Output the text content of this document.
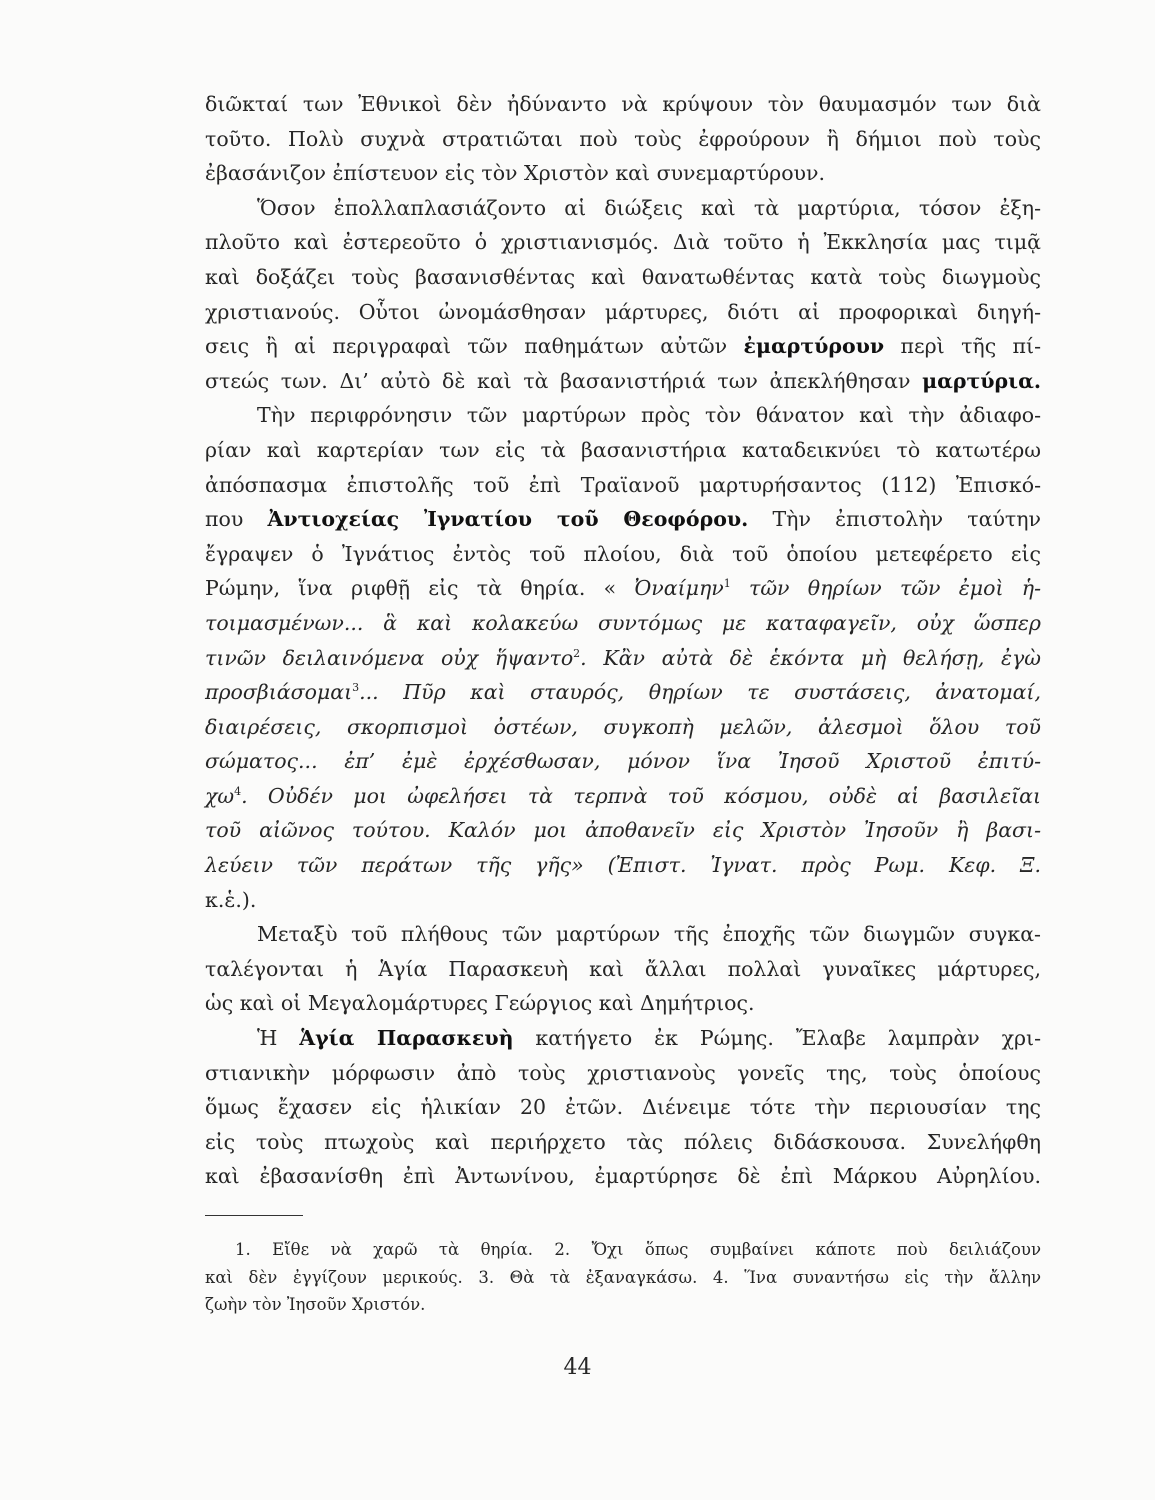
διῶκταί των Ἐθνικοὶ δὲν ἠδύναντο νὰ κρύψουν τὸν θαυμασμόν των διὰ
τοῦτο. Πολὺ συχνὰ στρατιῶται ποὺ τοὺς ἐφρούρουν ἢ δήμιοι ποὺ τοὺς
ἐβασάνιζον ἐπίστευον εἰς τὸν Χριστὸν καὶ συνεμαρτύρουν.
Ὅσον ἐπολλαπλασιάζοντο αἱ διώξεις καὶ τὰ μαρτύρια, τόσον ἐξη-
πλοῦτο καὶ ἐστερεοῦτο ὁ χριστιανισμός. Διὰ τοῦτο ἡ Ἐκκλησία μας τιμᾷ
καὶ δοξάζει τοὺς βασανισθέντας καὶ θανατωθέντας κατὰ τοὺς διωγμοὺς
χριστιανούς. Οὗτοι ὠνομάσθησαν μάρτυρες, διότι αἱ προφορικαὶ διηγή-
σεις ἢ αἱ περιγραφαὶ τῶν παθημάτων αὐτῶν ἐμαρτύρουν περὶ τῆς πί-
στεώς των. Δι’ αὐτὸ δὲ καὶ τὰ βασανιστήριά των ἀπεκλήθησαν μαρτύρια.
Τὴν περιφρόνησιν τῶν μαρτύρων πρὸς τὸν θάνατον καὶ τὴν ἀδιαφο-
ρίαν καὶ καρτερίαν των εἰς τὰ βασανιστήρια καταδεικνύει τὸ κατωτέρω
ἀπόσπασμα ἐπιστολῆς τοῦ ἐπὶ Τραϊανοῦ μαρτυρήσαντος (112) Ἐπισκό-
που Ἀντιοχείας Ἰγνατίου τοῦ Θεοφόρου. Τὴν ἐπιστολὴν ταύτην
ἔγραψεν ὁ Ἰγνάτιος ἐντὸς τοῦ πλοίου, διὰ τοῦ ὁποίου μετεφέρετο εἰς
Ρώμην, ἵνα ριφθῇ εἰς τὰ θηρία. « Ὀναίμην$^1$ τῶν θηρίων τῶν ἐμοὶ ἡ-
τοιμασμένων... ἃ καὶ κολακεύω συντόμως με καταφαγεῖν, οὐχ ὥσπερ
τινῶν δειλαινόμενα οὐχ ἥψαντο$^2$. Κἂν αὐτὰ δὲ ἑκόντα μὴ θελήσῃ, ἐγὼ
προσβιάσομαι$^3$... Πῦρ καὶ σταυρός, θηρίων τε συστάσεις, ἀνατομαί,
διαιρέσεις, σκορπισμοὶ ὀστέων, συγκοπὴ μελῶν, ἀλεσμοὶ ὅλου τοῦ
σώματος... ἐπ’ ἐμὲ ἐρχέσθωσαν, μόνον ἵνα Ἰησοῦ Χριστοῦ ἐπιτύ-
$\chi\omega^4$. Οὐδέν μοι ὠφελήσει τὰ τερπνὰ τοῦ κόσμου, οὐδὲ αἱ βασιλεῖαι
τοῦ αἰῶνος τούτου. Καλόν μοι ἀποθανεῖν εἰς Χριστὸν Ἰησοῦν ἢ βασι-
λεύειν τῶν περάτων τῆς γῆς» (Ἐπιστ. Ἰγνατ. πρὸς Ρωμ. Κεφ. Ξ.
κ.ἑ.).
Μεταξὺ τοῦ πλήθους τῶν μαρτύρων τῆς ἐποχῆς τῶν διωγμῶν συγκα-
ταλέγονται ἡ Ἁγία Παρασκευὴ καὶ ἄλλαι πολλαὶ γυναῖκες μάρτυρες,
ὡς καὶ οἱ Μεγαλομάρτυρες Γεώργιος καὶ Δημήτριος.
Ἡ Ἁγία Παρασκευὴ κατήγετο ἐκ Ρώμης. Ἔλαβε λαμπρὰν χρι-
στιανικὴν μόρφωσιν ἀπὸ τοὺς χριστιανοὺς γονεῖς της, τοὺς ὁποίους
ὅμως ἔχασεν εἰς ἡλικίαν 20 ἐτῶν. Διένειμε τότε τὴν περιουσίαν της
εἰς τοὺς πτωχοὺς καὶ περιήρχετο τὰς πόλεις διδάσκουσα. Συνελήφθη
καὶ ἐβασανίσθη ἐπὶ Ἀντωνίνου, ἐμαρτύρησε δὲ ἐπὶ Μάρκου Αὐρηλίου.
1. Εἴθε νὰ χαρῶ τὰ θηρία. 2. Ὄχι ὅπως συμβαίνει κάποτε ποὺ δειλιάζουν
καὶ δὲν ἐγγίζουν μερικούς. 3. Θὰ τὰ ἐξαναγκάσω. 4. Ἵνα συναντήσω εἰς τὴν ἄλλην
ζωὴν τὸν Ἰησοῦν Χριστόν.
44
